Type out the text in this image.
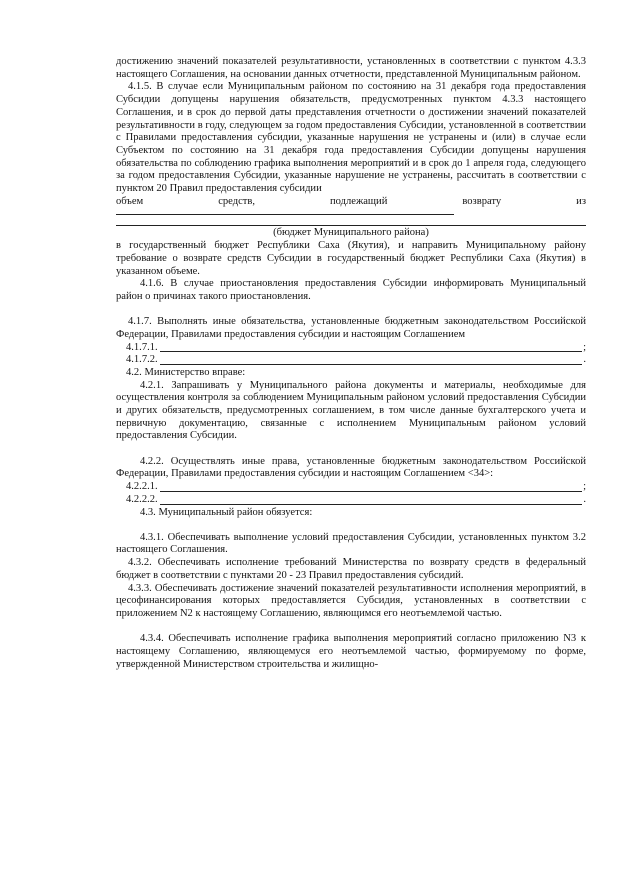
достижению значений показателей результативности, установленных в соответствии с пунктом 4.3.3 настоящего Соглашения, на основании данных отчетности, представленной Муниципальным районом.

4.1.5. В случае если Муниципальным районом по состоянию на 31 декабря года предоставления Субсидии допущены нарушения обязательств, предусмотренных пунктом 4.3.3 настоящего Соглашения, и в срок до первой даты представления отчетности о достижении значений показателей результативности в году, следующем за годом предоставления Субсидии, установленной в соответствии с Правилами предоставления субсидии, указанные нарушения не устранены и (или) в случае если Субъектом по состоянию на 31 декабря года предоставления Субсидии допущены нарушения обязательства по соблюдению графика выполнения мероприятий и в срок до 1 апреля года, следующего за годом предоставления Субсидии, указанные нарушение не устранены, рассчитать в соответствии с пунктом 20 Правил предоставления субсидии

объем	средств,	подлежащий	возврату	из
(бюджет Муниципального района)

в государственный бюджет Республики Саха (Якутия), и направить Муниципальному району требование о возврате средств Субсидии в государственный бюджет Республики Саха (Якутия) в указанном объеме.

4.1.6. В случае приостановления предоставления Субсидии информировать Муниципальный район о причинах такого приостановления.

4.1.7. Выполнять иные обязательства, установленные бюджетным законодательством Российской Федерации, Правилами предоставления субсидии и настоящим Соглашением

4.1.7.1.	;
4.1.7.2.	.

4.2. Министерство вправе:

4.2.1. Запрашивать у Муниципального района документы и материалы, необходимые для осуществления контроля за соблюдением Муниципальным районом условий предоставления Субсидии и других обязательств, предусмотренных соглашением, в том числе данные бухгалтерского учета и первичную документацию, связанные с исполнением Муниципальным районом условий предоставления Субсидии.

4.2.2. Осуществлять иные права, установленные бюджетным законодательством Российской Федерации, Правилами предоставления субсидии и настоящим Соглашением <34>:

4.2.2.1.	;
4.2.2.2.	.

4.3. Муниципальный район обязуется:

4.3.1. Обеспечивать выполнение условий предоставления Субсидии, установленных пунктом 3.2 настоящего Соглашения.

4.3.2. Обеспечивать исполнение требований Министерства по возврату средств в федеральный бюджет в соответствии с пунктами 20 - 23 Правил предоставления субсидий.

4.3.3. Обеспечивать достижение значений показателей результативности исполнения мероприятий, в цесофинансирования которых предоставляется Субсидия, установленных в соответствии с приложением N2 к настоящему Соглашению, являющимся его неотъемлемой частью.

4.3.4. Обеспечивать исполнение графика выполнения мероприятий согласно приложению N3 к настоящему Соглашению, являющемуся его неотъемлемой частью, формируемому по форме, утвержденной Министерством строительства и жилищно-
